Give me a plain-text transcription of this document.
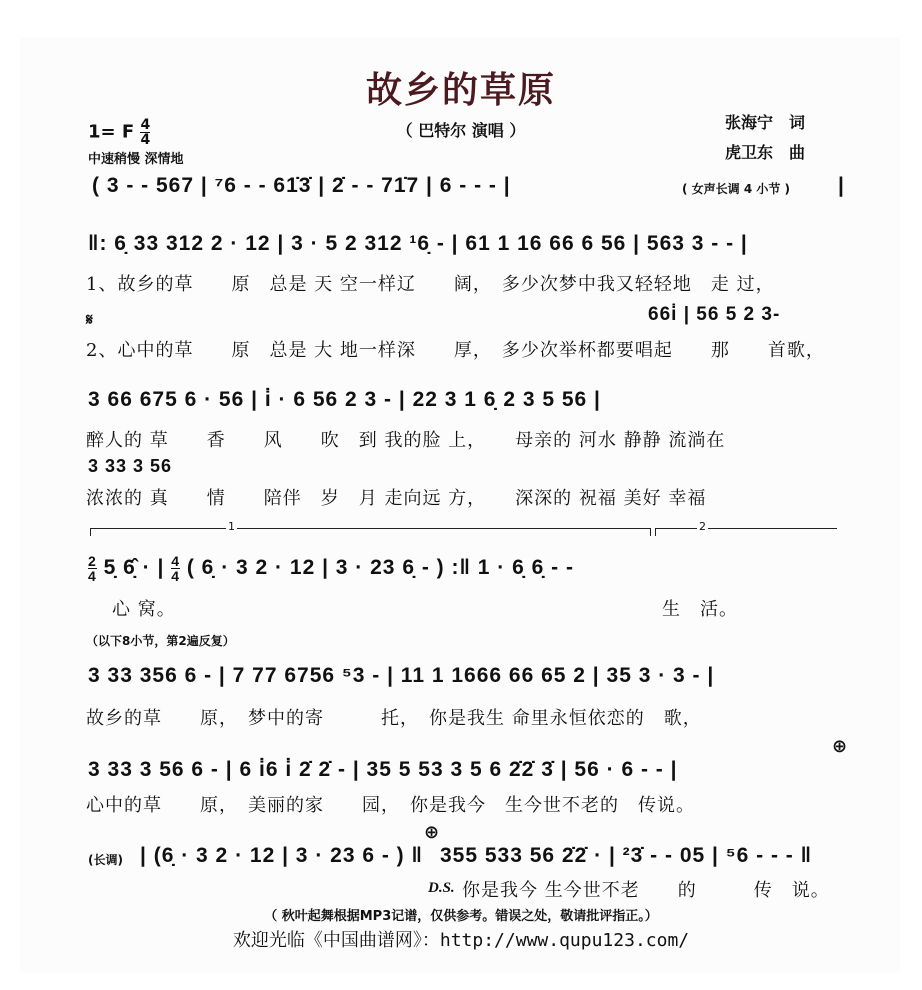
故乡的草原
（ 巴特尔 演唱 ）	张海宁　词
虎卫东　曲
1= F $\frac{4}{4}$
中速稍慢 深情地
( 3 - - 567 | ⁷6 - - 61̇3̇ | 2̇ - - 71̇7 | 6 - - - |	( 女声长调 4 小节 ) |
‖: 6̣ 33 312 2 · 12 | 3 · 5 2 312 ¹6̣ - | 61 1 16 66 6 56 | 563 3 - - |
1、故乡的草　　原　总是 天 空一样辽　　阔，　多少次梦中我又轻轻地　走 过，
𝄋	66i̇ | 56 5 2 3-
2、心中的草　　原　总是 大 地一样深　　厚，　多少次举杯都要唱起　　那　　首歌，
3 66 675 6 · 56 | i̇ · 6 56 2 3 - | 22 3 1 6̣ 2 3 5 56 |
醉人的 草　　香　　风　　吹　到 我的脸 上，　　母亲的 河水 静静 流淌在
3 33 3 56
浓浓的 真　　情　　陪伴　岁　月 走向远 方，　　深深的 祝福 美好 幸福
1	2
$\frac{2}{4}$ 5̣ 6̣̂ · | $\frac{4}{4}$ ( 6̣ · 3 2 · 12 | 3 · 23 6̣ - ) :‖ 1 · 6̣ 6̣ - -
心 窝。	生　活。
（以下8小节，第2遍反复）
3 33 356 6 - | 7 77 6756 ⁵3 - | 11 1 1666 66 65 2 | 35 3 · 3 - |
故乡的草　　原，　梦中的寄　　　托，　你是我生 命里永恒依恋的　歌，
⊕
3 33 3 56 6 - | 6 i̇6 i̇ 2̇ 2̇ - | 35 5 53 3 5 6 2̇2̇ 3̇ | 56 · 6 - - |
心中的草　　原，　美丽的家　　园，　你是我今　生今世不老的　传说。
(长调) | (6̣ · 3 2 · 12 | 3 · 23 6 - ) ‖
⊕
355 533 56 2̇2̇ · | ²3̇ - - 05 | ⁵6 - - - ‖
D.S. 你是我今 生今世不老　　的　　　传　说。
（ 秋叶起舞根据MP3记谱，仅供参考。错误之处，敬请批评指正。）
欢迎光临《中国曲谱网》：http://www.qupu123.com/
